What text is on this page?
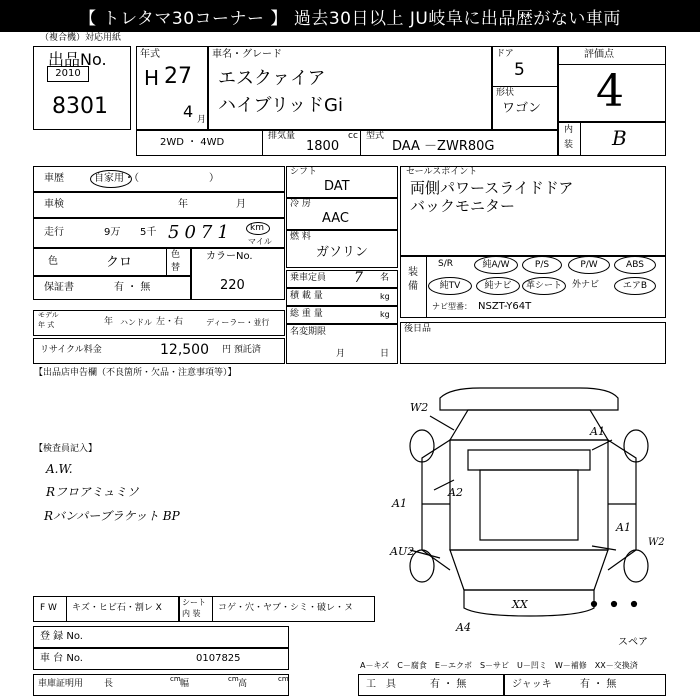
【 トレタマ30コーナー 】 過去30日以上 JU岐阜に出品歴がない車両
（複合機）対応用紙
出品No.
2010
8301
年式
H 27
4 月
車名・グレード
エスクァイア
ハイブリッドGi
ドア
5
形状
ワゴン
評価点
4
内
装 B
2WD ・ 4WD
排気量
1800
cc 型式
DAA －ZWR80G
車歴	自家用・（　　　　　　　）
車検	年	月
走行	9万 5千 5071 km
マイル
色	クロ	色
替
カラーNo.
220
保証書	有 ・ 無
モデル
年 式	年 ハンドル 左・右	ディーラー・並行
リサイクル料金	12,500 円 預託済
シフト
DAT
冷 房
AAC
燃 料
ガソリン
乗車定員 7 名
積 載 量	kg
総 重 量	kg
名変期限
月	日
セールスポイント
両側パワースライドドア
バックモニター
装
備
S/R	純A/W	P/S	P/W	ABS
純TV	純ナビ	革シート	外ナビ	エアB
ナビ型番： NSZT-Y64T
後日品
【出品店申告欄（不良箇所・欠品・注意事項等）】
【検査員記入】
A.W.
Rフロアミュミソ
Rバンパーブラケット BP
W2
A1
A1
A1
A2
AU2
W2
XX
A4
スペア
F W キズ・ヒビ石・割レ X
シート
内 装
コゲ・穴・ヤブ・シミ・破レ・ヌ
登 録 No.
車 台 No.	0107825
車庫証明用 長	cm 幅	cm 高	cm
A－キズ　C－腐食　E－エクボ　S－サビ　U－凹ミ　W－補修　XX－交換済
工　具	有 ・ 無	ジャッキ	有 ・ 無
